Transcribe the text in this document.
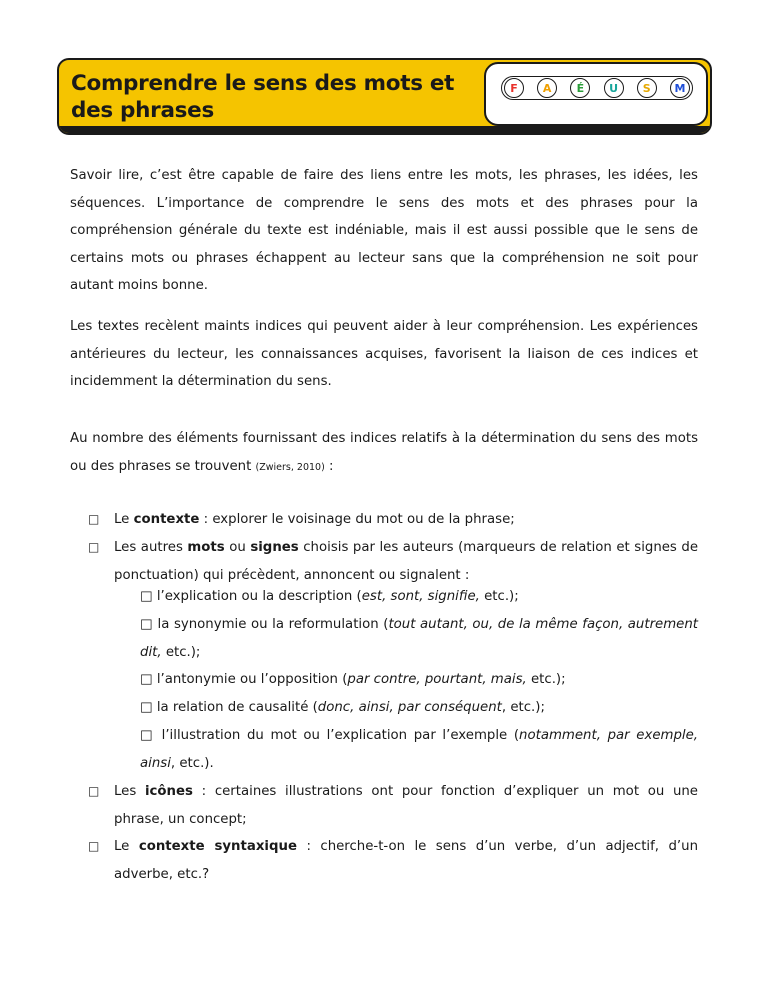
Comprendre le sens des mots et des phrases
F	A	É	U	S	M

Savoir lire, c’est être capable de faire des liens entre les mots, les phrases, les idées, les séquences. L’importance de comprendre le sens des mots et des phrases pour la compréhension générale du texte est indéniable, mais il est aussi possible que le sens de certains mots ou phrases échappent au lecteur sans que la compréhension ne soit pour autant moins bonne.

Les textes recèlent maints indices qui peuvent aider à leur compréhension. Les expériences antérieures du lecteur, les connaissances acquises, favorisent la liaison de ces indices et incidemment la détermination du sens.

Au nombre des éléments fournissant des indices relatifs à la détermination du sens des mots ou des phrases se trouvent (Zwiers, 2010) :

□ Le contexte : explorer le voisinage du mot ou de la phrase;

□ Les autres mots ou signes choisis par les auteurs (marqueurs de relation et signes de ponctuation) qui précèdent, annoncent ou signalent :

□ l’explication ou la description (est, sont, signifie, etc.);

□ la synonymie ou la reformulation (tout autant, ou, de la même façon, autrement dit, etc.);

□ l’antonymie ou l’opposition (par contre, pourtant, mais, etc.);

□ la relation de causalité (donc, ainsi, par conséquent, etc.);

□ l’illustration du mot ou l’explication par l’exemple (notamment, par exemple, ainsi, etc.).

□ Les icônes : certaines illustrations ont pour fonction d’expliquer un mot ou une phrase, un concept;

□ Le contexte syntaxique : cherche-t-on le sens d’un verbe, d’un adjectif, d’un adverbe, etc.?
